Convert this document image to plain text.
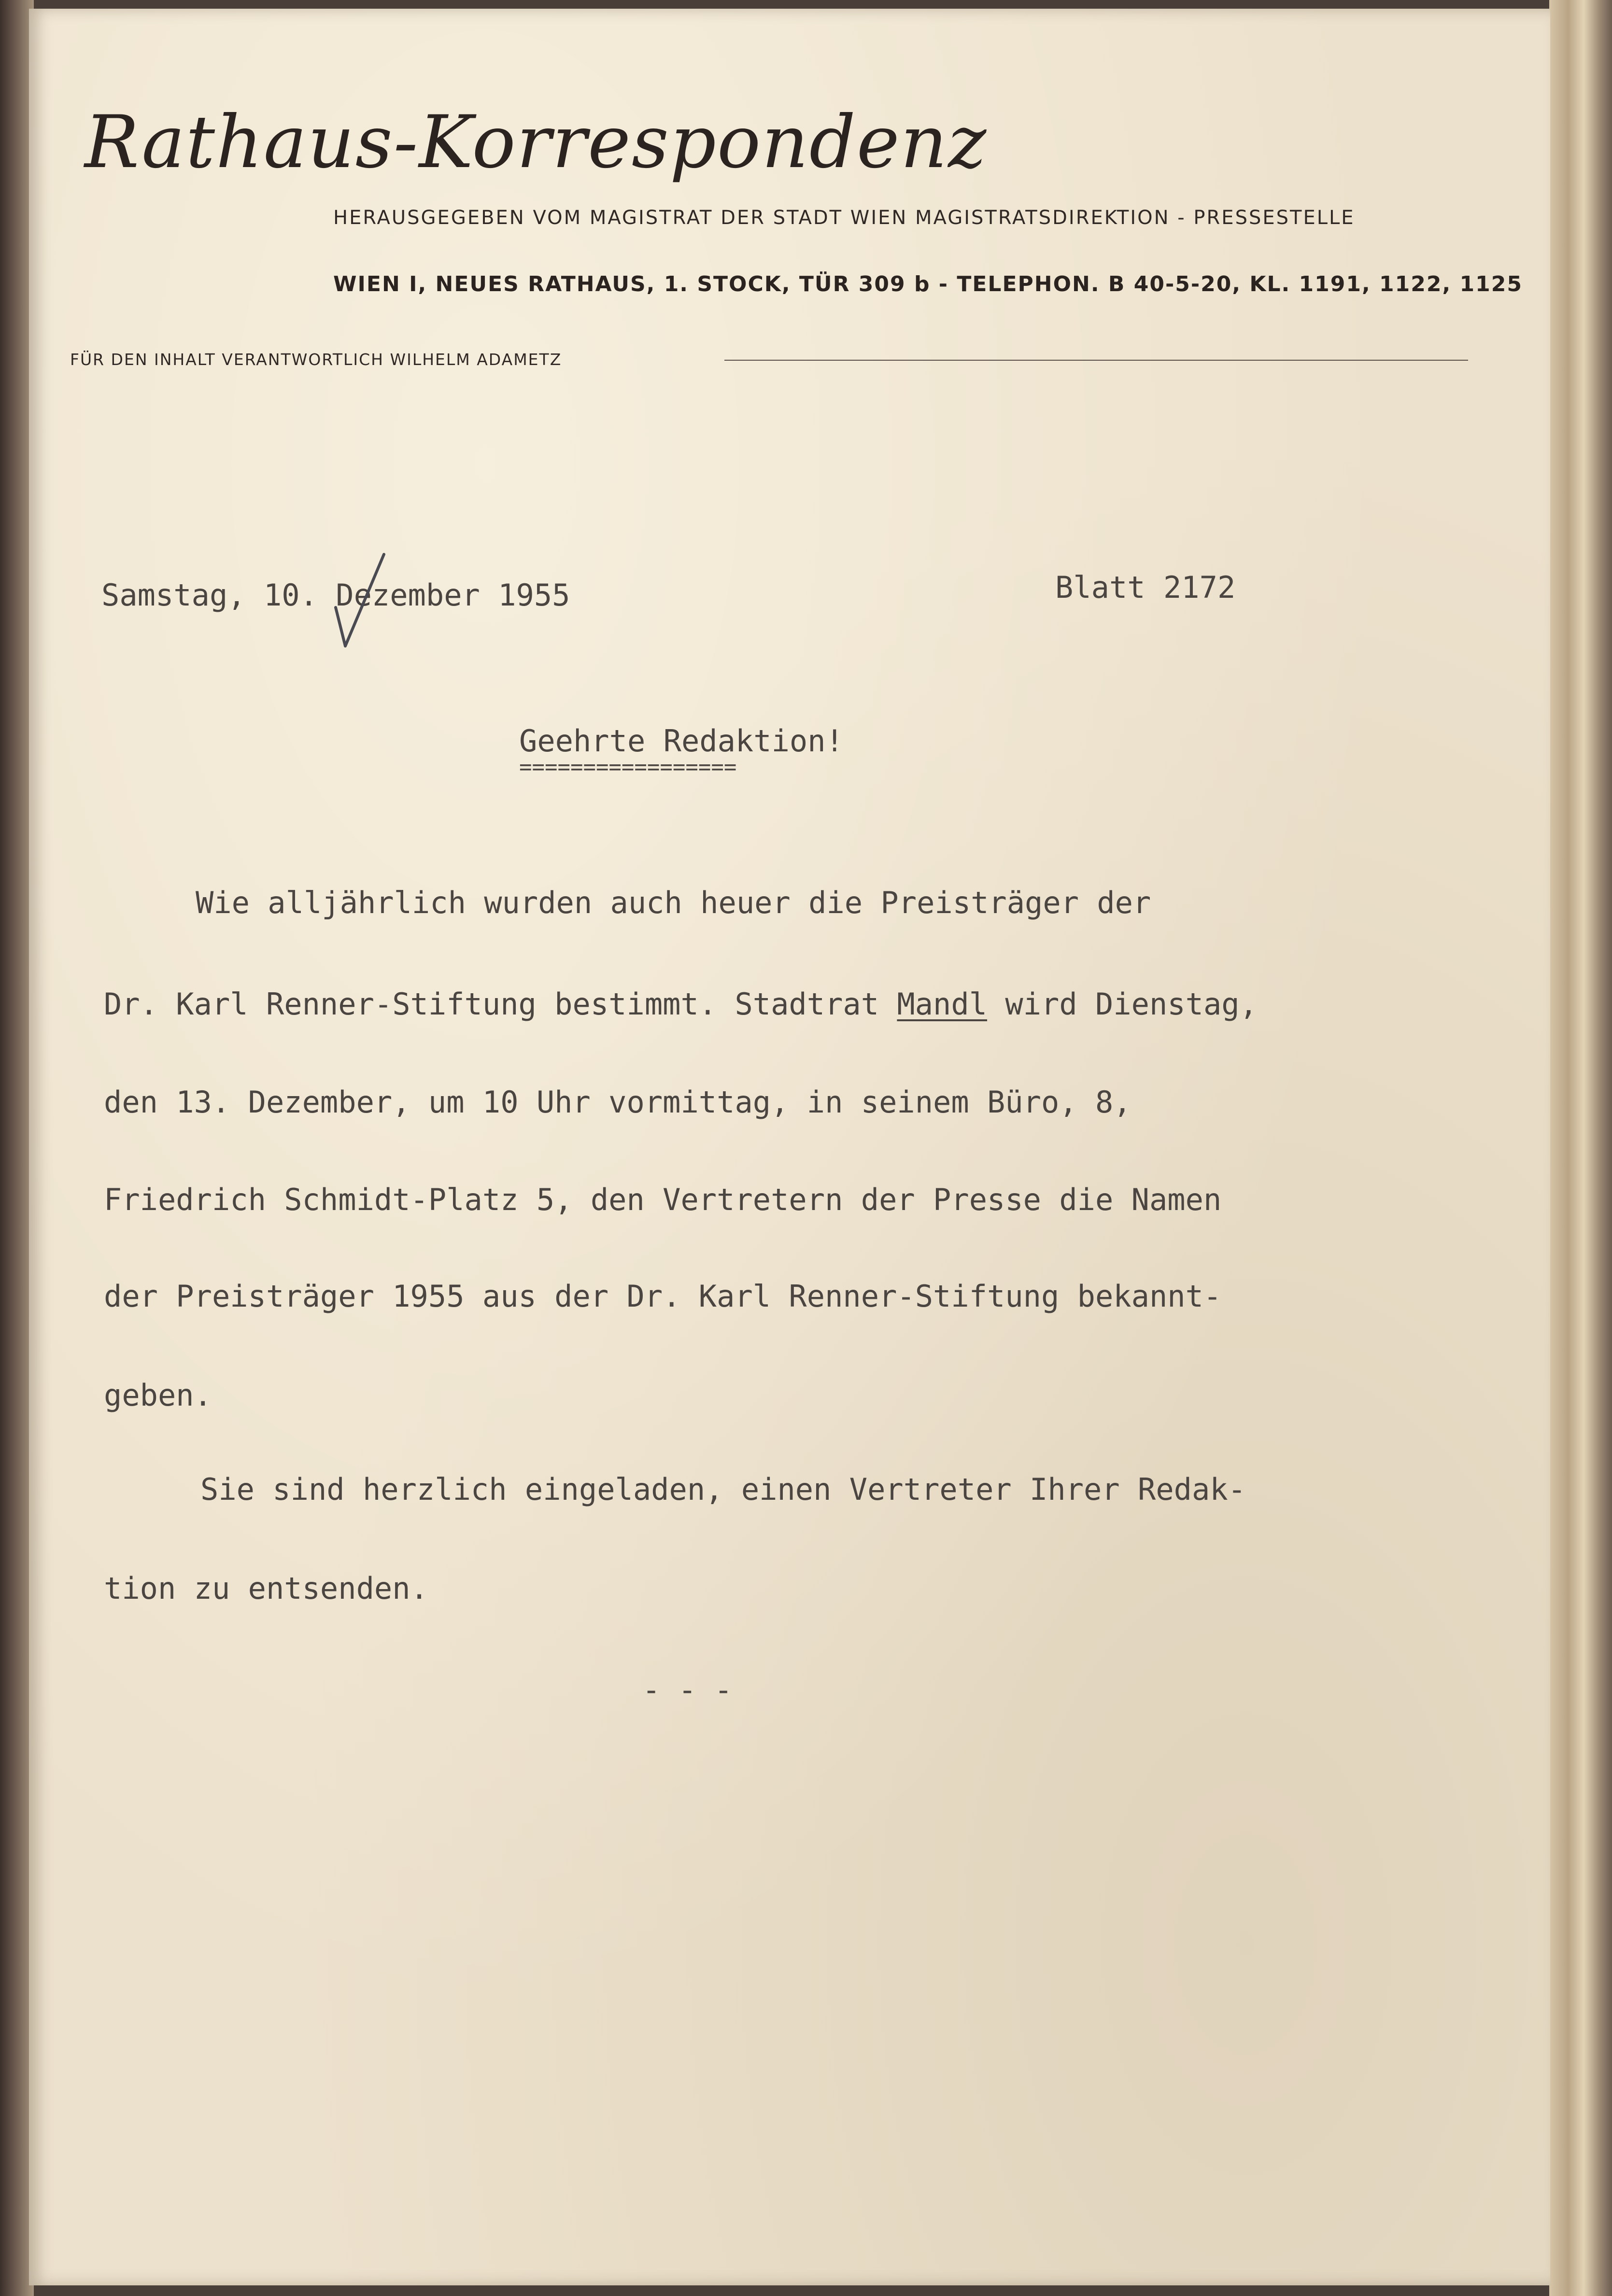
Rathaus-Korrespondenz
HERAUSGEGEBEN VOM MAGISTRAT DER STADT WIEN MAGISTRATSDIREKTION - PRESSESTELLE
WIEN I, NEUES RATHAUS, 1. STOCK, TÜR 309 b - TELEPHON. B 40-5-20, KL. 1191, 1122, 1125
FÜR DEN INHALT VERANTWORTLICH WILHELM ADAMETZ
Samstag, 10. Dezember 1955	Blatt 2172
Geehrte Redaktion!
=================
Wie alljährlich wurden auch heuer die Preisträger der
Dr. Karl Renner-Stiftung bestimmt. Stadtrat Mandl wird Dienstag,
den 13. Dezember, um 10 Uhr vormittag, in seinem Büro, 8,
Friedrich Schmidt-Platz 5, den Vertretern der Presse die Namen
der Preisträger 1955 aus der Dr. Karl Renner-Stiftung bekannt-
geben.
Sie sind herzlich eingeladen, einen Vertreter Ihrer Redak-
tion zu entsenden.
- - -
